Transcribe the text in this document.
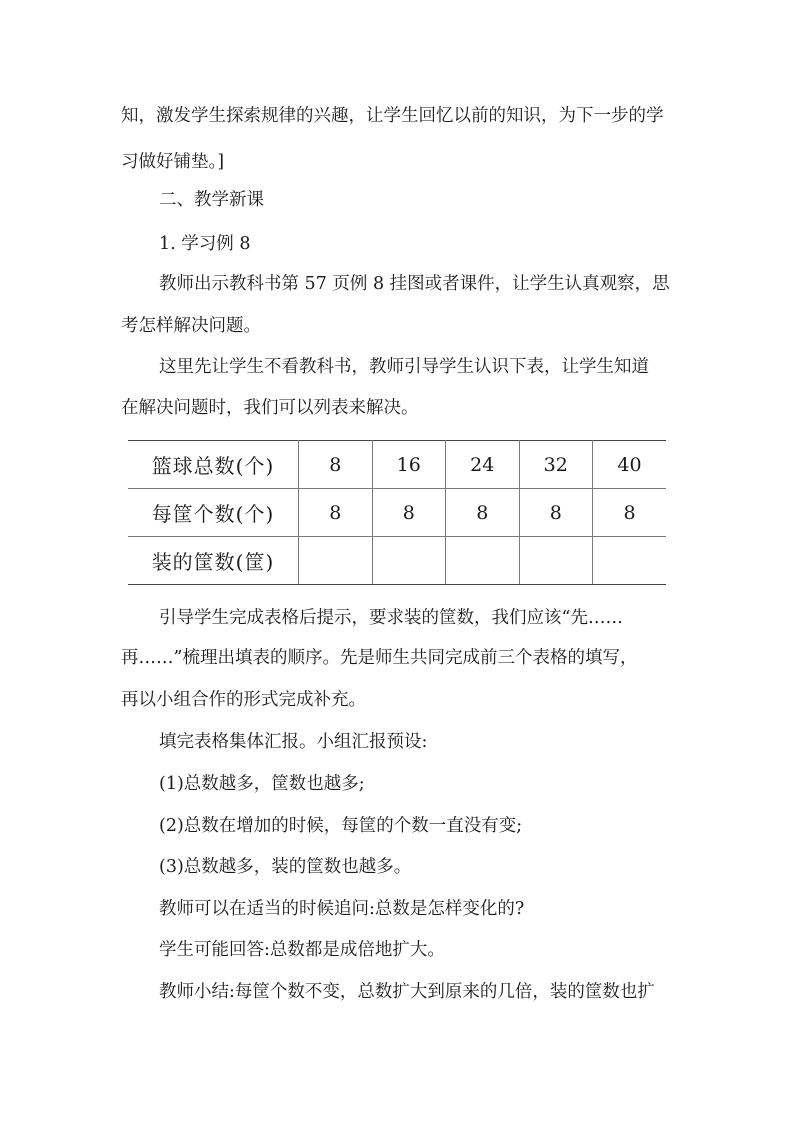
知，激发学生探索规律的兴趣，让学生回忆以前的知识，为下一步的学
习做好铺垫。]
二、教学新课
1. 学习例 8
教师出示教科书第 57 页例 8 挂图或者课件，让学生认真观察，思
考怎样解决问题。
这里先让学生不看教科书，教师引导学生认识下表，让学生知道
在解决问题时，我们可以列表来解决。
篮球总数(个)	8	16	24	32	40
每筐个数(个)	8	8	8	8	8
装的筐数(筐)					
引导学生完成表格后提示，要求装的筐数，我们应该“先……
再……”梳理出填表的顺序。先是师生共同完成前三个表格的填写，
再以小组合作的形式完成补充。
填完表格集体汇报。小组汇报预设:
(1)总数越多，筐数也越多;
(2)总数在增加的时候，每筐的个数一直没有变;
(3)总数越多，装的筐数也越多。
教师可以在适当的时候追问:总数是怎样变化的?
学生可能回答:总数都是成倍地扩大。
教师小结:每筐个数不变，总数扩大到原来的几倍，装的筐数也扩
